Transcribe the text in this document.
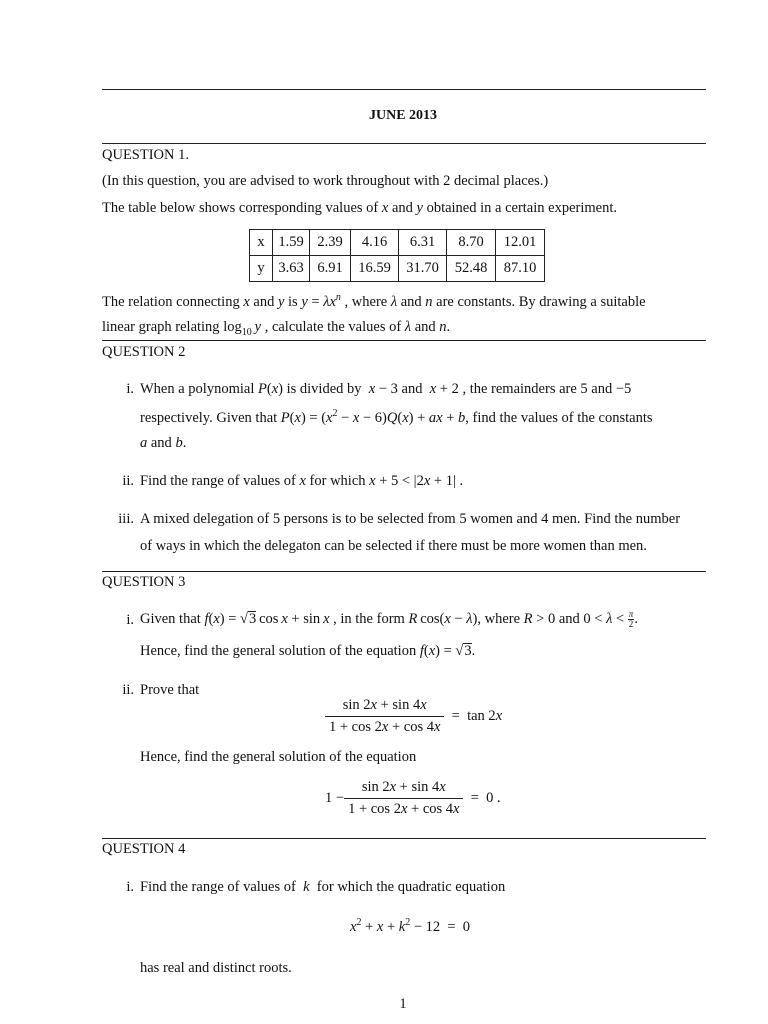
JUNE 2013
QUESTION 1.
(In this question, you are advised to work throughout with 2 decimal places.)
The table below shows corresponding values of x and y obtained in a certain experiment.
x	1.59	2.39	4.16	6.31	8.70	12.01
y	3.63	6.91	16.59	31.70	52.48	87.10
The relation connecting x and y is $y = \lambda x^n$ , where λ and n are constants. By drawing a suitable
linear graph relating $\log_{10} y$ , calculate the values of λ and n.
QUESTION 2
i. When a polynomial P(x) is divided by  x − 3 and  x + 2 , the remainders are 5 and −5
respectively. Given that $P(x) = (x^2 - x - 6)Q(x)$ + ax + b, find the values of the constants
a and b.
ii. Find the range of values of x for which x + 5 < |2x + 1| .
iii. A mixed delegation of 5 persons is to be selected from 5 women and 4 men. Find the number
of ways in which the delegaton can be selected if there must be more women than men.
QUESTION 3
i. Given that f(x) = √3 cos x + sin x , in the form R cos(x − λ), where R > 0 and $0 < \lambda < \frac{\pi}{2}$ .
Hence, find the general solution of the equation f(x) = √3.
ii. Prove that
$\frac{\sin 2x + \sin 4x}{1 + \cos 2x + \cos 4x} = \tan 2x$
Hence, find the general solution of the equation
$1 - \frac{\sin 2x + \sin 4x}{1 + \cos 2x + \cos 4x} = 0$ .
QUESTION 4
i. Find the range of values of  k  for which the quadratic equation
$x^2 + x + k^2 - 12 = 0$
has real and distinct roots.
1
